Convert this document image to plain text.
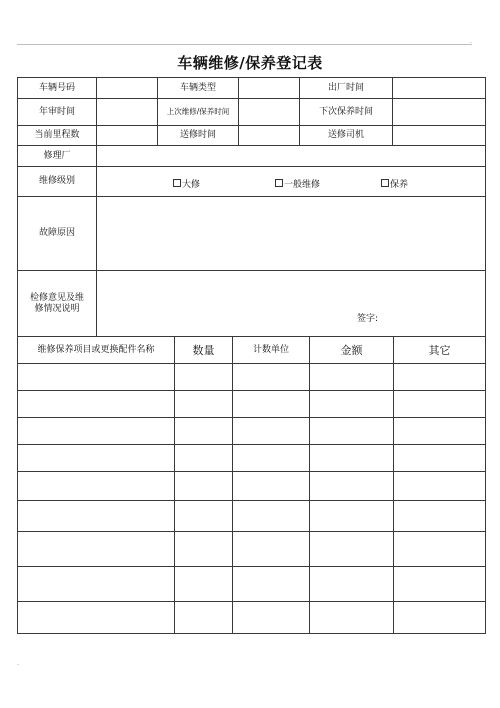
·
车辆维修/保养登记表
车辆号码	车辆类型	出厂时间
年审时间	上次维修/保养时间	下次保养时间
当前里程数	送修时间	送修司机
修理厂
维修级别	大修	一般维修	保养
故障原因
检修意见及维修情况说明
签字:
维修保养项目或更换配件名称	数量	计数单位	金额	其它
·
